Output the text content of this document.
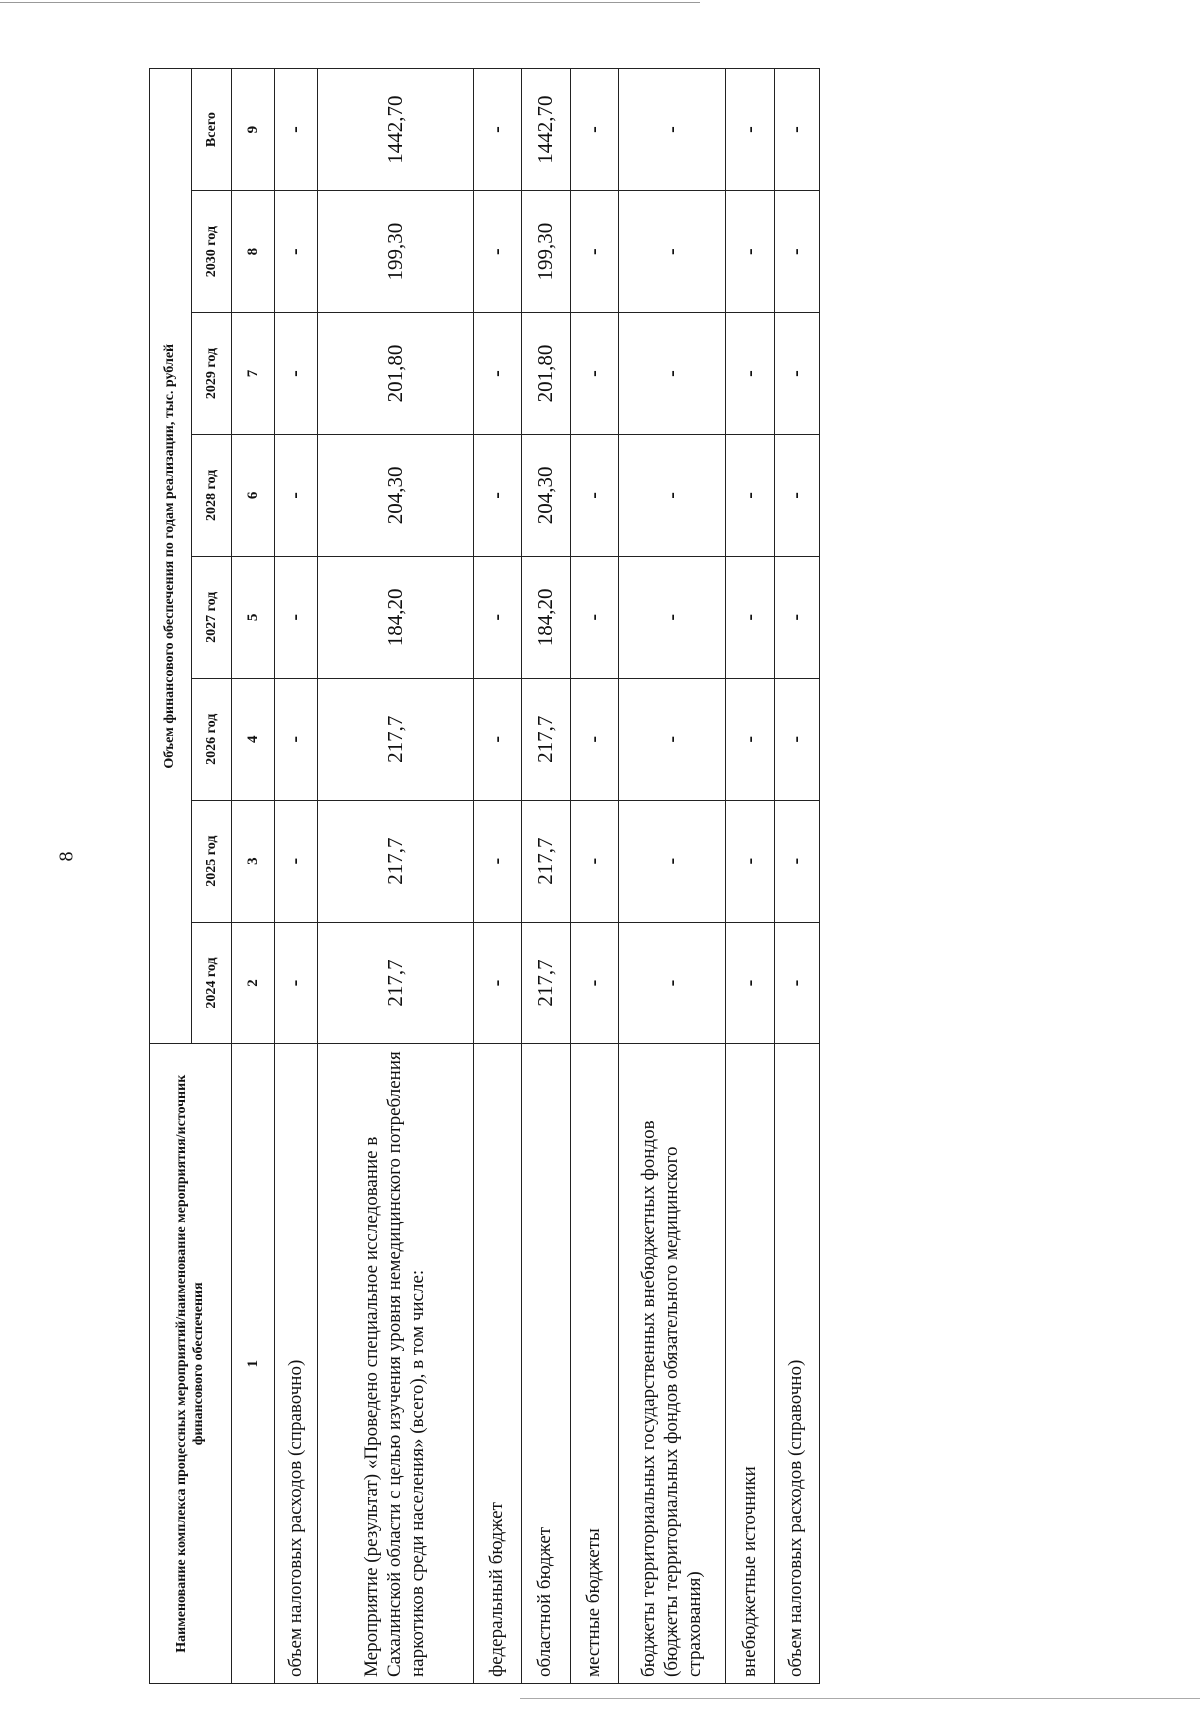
8
Наименование комплекса процессных мероприятий/наименование мероприятия/источник финансового обеспечения	Объем финансового обеспечения по годам реализации, тыс. рублей							
	2024 год	2025 год	2026 год	2027 год	2028 год	2029 год	2030 год	Всего
1	2	3	4	5	6	7	8	9
объем налоговых расходов (справочно)	-	-	-	-	-	-	-	-
Мероприятие (результат) «Проведено специальное исследование в Сахалинской области с целью изучения уровня немедицинского потребления наркотиков среди населения» (всего), в том числе:	217,7	217,7	217,7	184,20	204,30	201,80	199,30	1442,70
федеральный бюджет	-	-	-	-	-	-	-	-
областной бюджет	217,7	217,7	217,7	184,20	204,30	201,80	199,30	1442,70
местные бюджеты	-	-	-	-	-	-	-	-
бюджеты территориальных государственных внебюджетных фондов (бюджеты территориальных фондов обязательного медицинского страхования)	-	-	-	-	-	-	-	-
внебюджетные источники	-	-	-	-	-	-	-	-
объем налоговых расходов (справочно)	-	-	-	-	-	-	-	-
